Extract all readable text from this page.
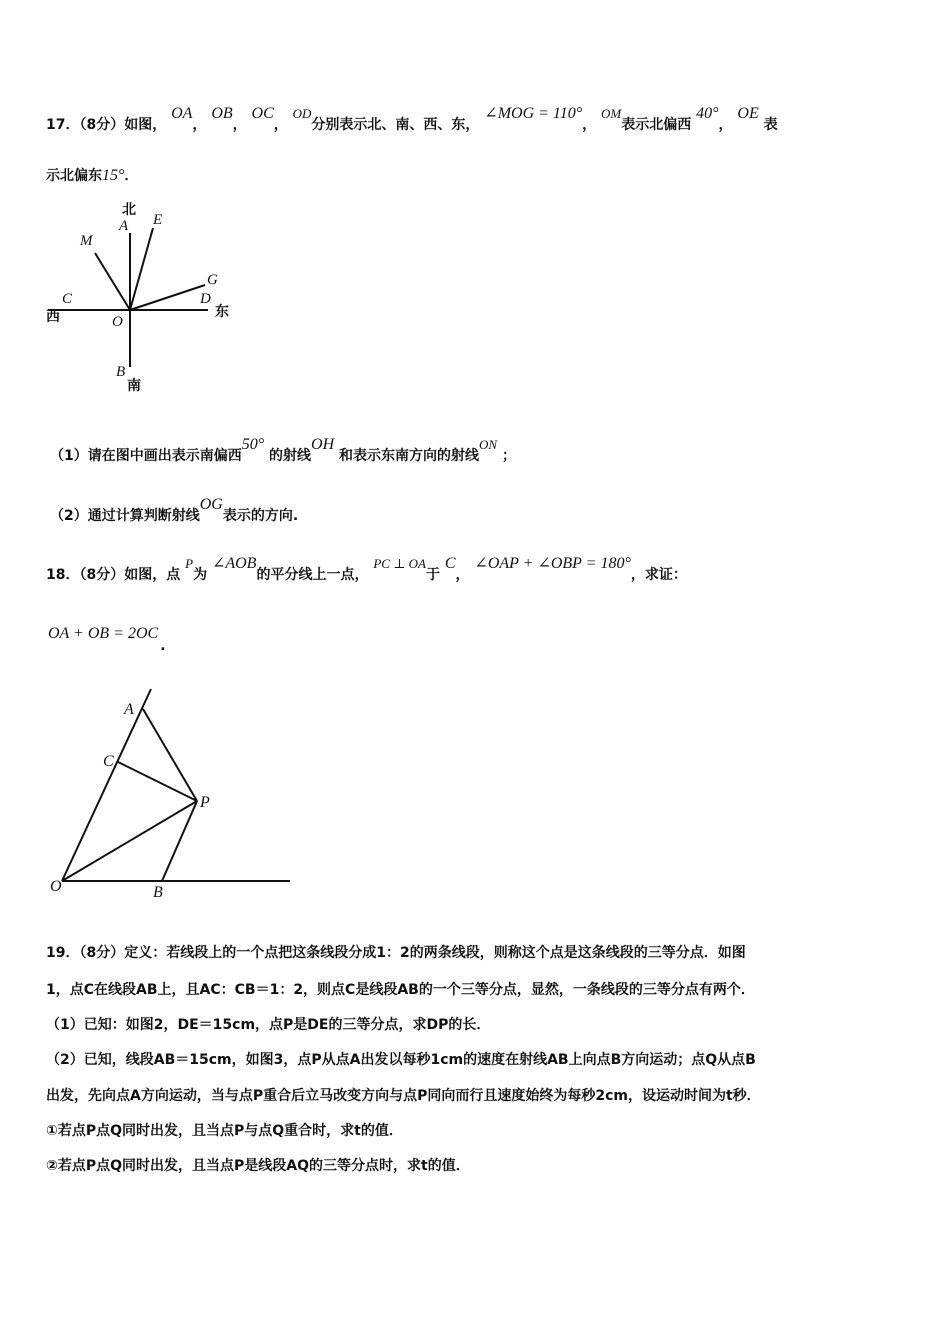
17．（8分）如图， OA， OB， OC， OD分别表示北、南、西、东， ∠MOG = 110°， OM表示北偏西 40°， OE 表
示北偏东15°．
北
A E
M
G
D
东
C
西	O
B
南
（1）请在图中画出表示南偏西50° 的射线OH 和表示东南方向的射线ON ；
（2）通过计算判断射线OG表示的方向.
18．（8分）如图，点 P为 ∠AOB的平分线上一点， PC ⊥ OA于 C， ∠OAP + ∠OBP = 180°，求证：
OA + OB = 2OC.
A
C
P
O	B
19．（8分）定义：若线段上的一个点把这条线段分成1：2的两条线段，则称这个点是这条线段的三等分点．如图
1，点C在线段AB上，且AC：CB＝1：2，则点C是线段AB的一个三等分点，显然，一条线段的三等分点有两个．
（1）已知：如图2，DE＝15cm，点P是DE的三等分点，求DP的长．
（2）已知，线段AB＝15cm，如图3，点P从点A出发以每秒1cm的速度在射线AB上向点B方向运动；点Q从点B
出发，先向点A方向运动，当与点P重合后立马改变方向与点P同向而行且速度始终为每秒2cm，设运动时间为t秒．
①若点P点Q同时出发，且当点P与点Q重合时，求t的值．
②若点P点Q同时出发，且当点P是线段AQ的三等分点时，求t的值．
